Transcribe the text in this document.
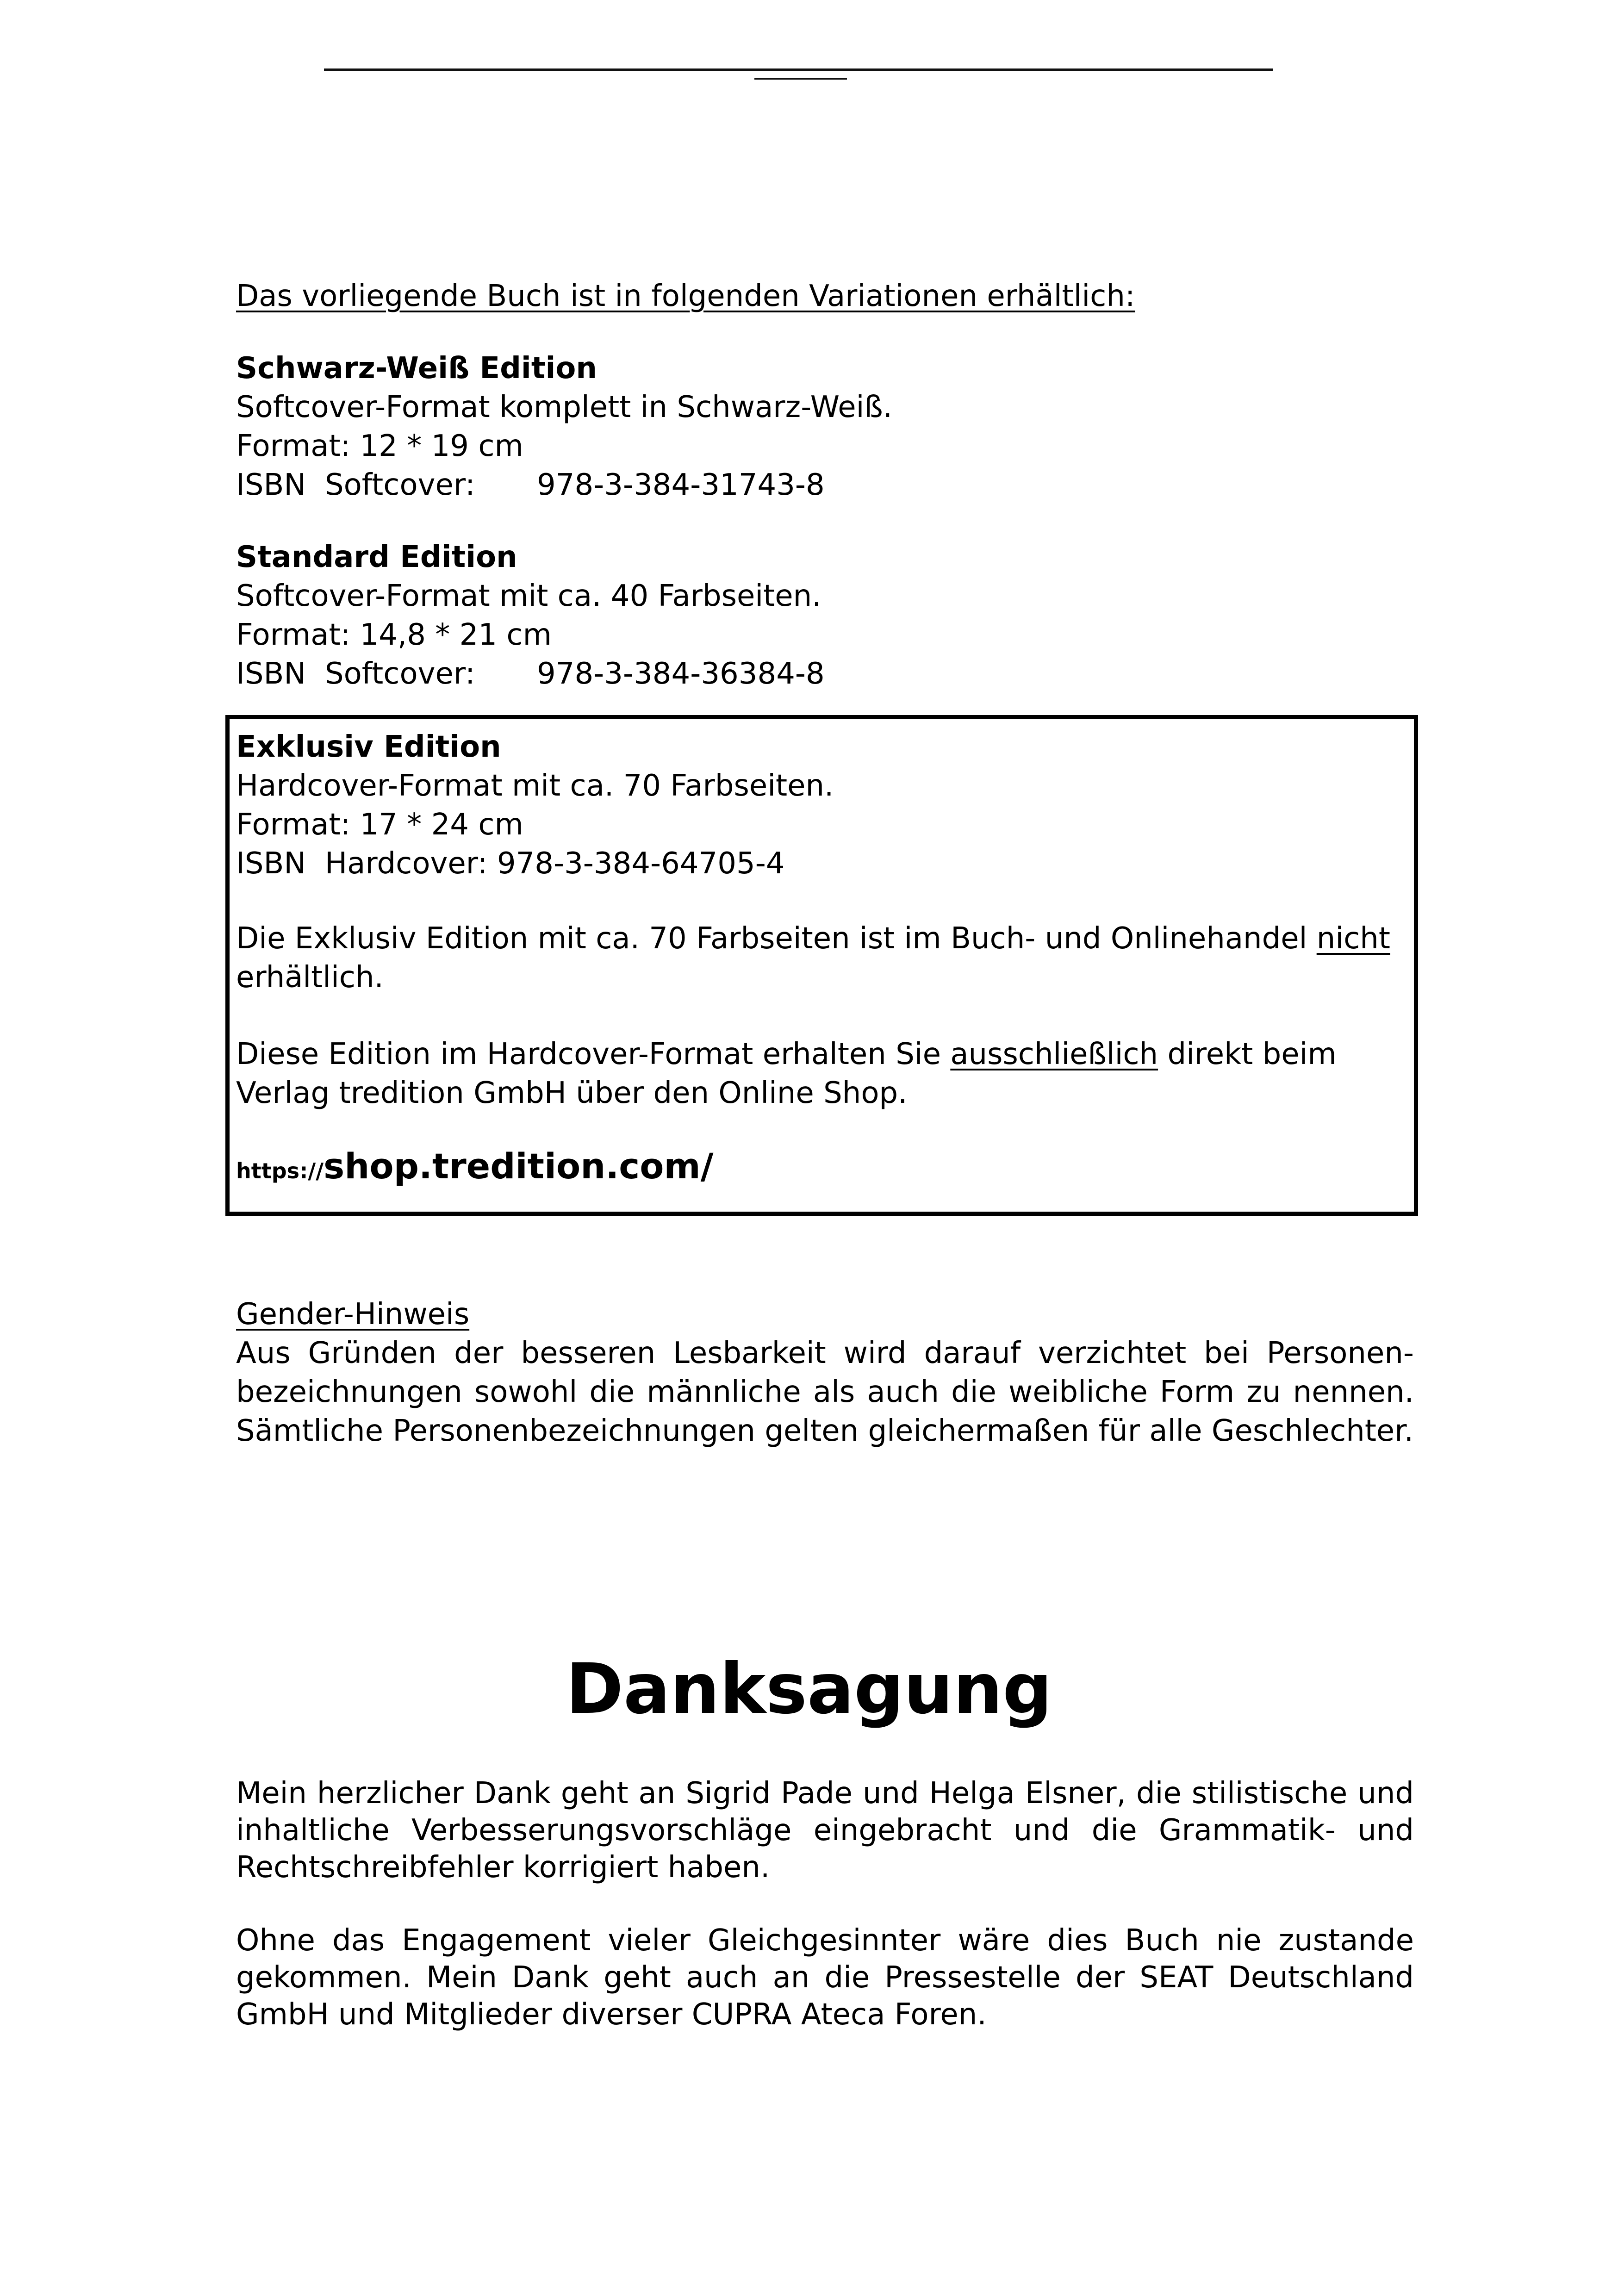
Das vorliegende Buch ist in folgenden Variationen erhältlich:

Schwarz-Weiß Edition
Softcover-Format komplett in Schwarz-Weiß.
Format: 12 * 19 cm
ISBN  Softcover: 978-3-384-31743-8
Standard Edition
Softcover-Format mit ca. 40 Farbseiten.
Format: 14,8 * 21 cm
ISBN  Softcover: 978-3-384-36384-8
Exklusiv Edition
Hardcover-Format mit ca. 70 Farbseiten.
Format: 17 * 24 cm
ISBN  Hardcover: 978-3-384-64705-4
Die Exklusiv Edition mit ca. 70 Farbseiten ist im Buch- und Onlinehandel nicht
erhältlich.
Diese Edition im Hardcover-Format erhalten Sie ausschließlich direkt beim
Verlag tredition GmbH über den Online Shop.
https://shop.tredition.com/
Gender-Hinweis
Aus Gründen der besseren Lesbarkeit wird darauf verzichtet bei Personen-
bezeichnungen sowohl die männliche als auch die weibliche Form zu nennen.
Sämtliche Personenbezeichnungen gelten gleichermaßen für alle Geschlechter.
Danksagung
Mein herzlicher Dank geht an Sigrid Pade und Helga Elsner, die stilistische und
inhaltliche Verbesserungsvorschläge eingebracht und die Grammatik- und
Rechtschreibfehler korrigiert haben.
Ohne das Engagement vieler Gleichgesinnter wäre dies Buch nie zustande
gekommen. Mein Dank geht auch an die Pressestelle der SEAT Deutschland
GmbH und Mitglieder diverser CUPRA Ateca Foren.
